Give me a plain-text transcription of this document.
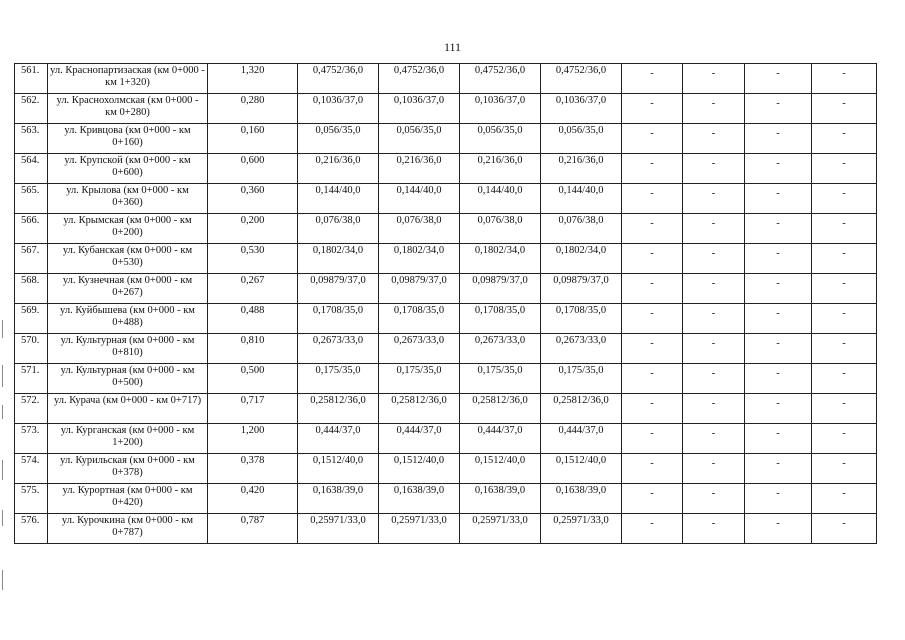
111
561.	ул. Краснопартизаская (км 0+000 - км 1+320)	1,320	0,4752/36,0	0,4752/36,0	0,4752/36,0	0,4752/36,0	-	-	-	-
562.	ул. Краснохолмская (км 0+000 - км 0+280)	0,280	0,1036/37,0	0,1036/37,0	0,1036/37,0	0,1036/37,0	-	-	-	-
563.	ул. Кривцова (км 0+000 - км 0+160)	0,160	0,056/35,0	0,056/35,0	0,056/35,0	0,056/35,0	-	-	-	-
564.	ул. Крупской (км 0+000 - км 0+600)	0,600	0,216/36,0	0,216/36,0	0,216/36,0	0,216/36,0	-	-	-	-
565.	ул. Крылова (км 0+000 - км 0+360)	0,360	0,144/40,0	0,144/40,0	0,144/40,0	0,144/40,0	-	-	-	-
566.	ул. Крымская (км 0+000 - км 0+200)	0,200	0,076/38,0	0,076/38,0	0,076/38,0	0,076/38,0	-	-	-	-
567.	ул. Кубанская (км 0+000 - км 0+530)	0,530	0,1802/34,0	0,1802/34,0	0,1802/34,0	0,1802/34,0	-	-	-	-
568.	ул. Кузнечная (км 0+000 - км 0+267)	0,267	0,09879/37,0	0,09879/37,0	0,09879/37,0	0,09879/37,0	-	-	-	-
569.	ул. Куйбышева (км 0+000 - км 0+488)	0,488	0,1708/35,0	0,1708/35,0	0,1708/35,0	0,1708/35,0	-	-	-	-
570.	ул. Культурная (км 0+000 - км 0+810)	0,810	0,2673/33,0	0,2673/33,0	0,2673/33,0	0,2673/33,0	-	-	-	-
571.	ул. Культурная (км 0+000 - км 0+500)	0,500	0,175/35,0	0,175/35,0	0,175/35,0	0,175/35,0	-	-	-	-
572.	ул. Курача (км 0+000 - км 0+717)	0,717	0,25812/36,0	0,25812/36,0	0,25812/36,0	0,25812/36,0	-	-	-	-
573.	ул. Курганская (км 0+000 - км 1+200)	1,200	0,444/37,0	0,444/37,0	0,444/37,0	0,444/37,0	-	-	-	-
574.	ул. Курильская (км 0+000 - км 0+378)	0,378	0,1512/40,0	0,1512/40,0	0,1512/40,0	0,1512/40,0	-	-	-	-
575.	ул. Курортная (км 0+000 - км 0+420)	0,420	0,1638/39,0	0,1638/39,0	0,1638/39,0	0,1638/39,0	-	-	-	-
576.	ул. Курочкина (км 0+000 - км 0+787)	0,787	0,25971/33,0	0,25971/33,0	0,25971/33,0	0,25971/33,0	-	-	-	-
